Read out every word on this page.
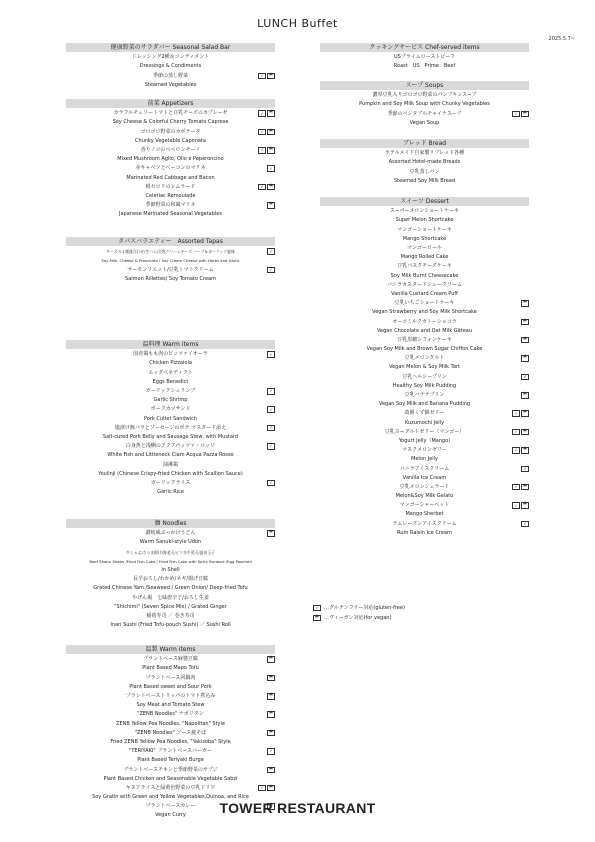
LUNCH Buffet
2025.5.7~
健康野菜のサラダバー Seasonal Salad Bar
ドレッシング2種＆コンディメント
Dressings & Condiments
季節の蒸し野菜
✓
☘
Steamed Vegetables
前菜 Appetizers
カラフルチェリートマトと豆乳チーズのカプレーゼ
✓
☘
Soy Cheese & Colorful Cherry Tomato Caprese
ゴロゴロ野菜のカポナータ
✓
☘
Chunky Vegetable Caponata
香りノコのペペロンチーノ
✓
☘
Mixed Mushroom Aglio, Olio e Peperoncino
赤キャベツとベーコンのマリネ
✓
Marinated Red Cabbage and Bacon
根セロリのレムラード
✓
☘
Celeriac Remoulade
季節野菜の和風マリネ
☘
Japanese Marinated Seasonal Vegetables
タパスバラエティー　Assorted Tapas
チーズの４種盛合わせ/生ハム/豆乳クリームチーズ ハーブ＆ガーリック風味
✓
Soy Milk, Cheese & Prosciutto / Soy Cream Cheese with Herbs and Garlic
サーモンリエット/豆乳トマトクリーム
✓
Salmon Rillettes/ Soy Tomato Cream
温料理 Warm items
国産鶏もも肉のピッツァイオーラ
✓
Chicken Pizzaiola
エッグベネディクト
Eggs Benedict
ガーリックシュリンプ
✓
Garlic Shrimp
ポークカツサンド
✓
Pork Cutlet Sandwich
塩漬け豚バラとソーセージのポテ マスタード添え
✓
Salt-cured Pork Belly and Sausage Stew, with Mustard
白身魚と浅蜊のアクアパッツァ・ロッソ
✓
White Fish and Littleneck Clam Acqua Pazza Rosso
油淋鶏
Youlinji (Chinese Crispy-fried Chicken with Scallion Sauce)
ガーリックライス
✓
Garlic Rice
麺 Noodles
讃岐風ぶっかけうどん
☘
Warm Sanuki-style Udon
牛しゃぶ/さつま揚げ/海老天/ピリ辛牛蒡天/温泉玉子
Beef Shabu Shabu /Fried Fish Cake / Fried Fish Cake with Spicy Burdock /Egg Poached
in Shell
長芋おろし/わかめ/ネギ/揚げ豆腐
Grated Chinese Yam /Seaweed / Green Onion/ Deep-fried Tofu
やげん堀　七味唐辛子/おろし生姜
"Shichimi" (Seven Spice Mix) / Grated Ginger
稲荷寿司 ／ 巻き寿司
Inari Sushi (Fried Tofu-pouch Sushi) ／ Sushi Roll
温製 Warm items
プラントベース麻婆豆腐
☘
Plant Based Mapo Tofu
プラントベース回鍋肉
☘
Plant Based sweet and Sour Pork
プラントベーストリッパのトマト煮込み
☘
Soy Meat and Tomato Stew
"ZENB Noodles" ナポリタン
☘
ZENB Yellow Pea Noodles, "Napolitan" Style
"ZENB Noodles" ソース焼そば
☘
Fried ZENB Yellow Pea Noodles, "Yakisoba" Style
"TERIYAKI" プラントベースバーガー
✓
Plant Based Teriyaki Burge
プラントベースチキンと季節野菜のサブジ
☘
Plant Based Chicken and Seasonable Vegetable Sabzi
キヌアライスと緑黄色野菜の豆乳ドリア
✓
☘
Soy Gratin with Green and Yellow Vegetables,Quinoa, and Rice
プラントベースカレー
☘
Vegan Curry
クッキングサービス Chef-served items
USプライムローストビーフ
Roast　US　Prime　Beef
スープ Soups
濃厚豆乳入りゴロゴロ野菜のパンプキンスープ
Pumpkin and Soy Milk Soup with Chunky Vegetables
季節のベジタブルチャイナスープ
✓
☘
Vegan Soup
ブレッド Bread
ホテルメイド自家製リブレッド各種
Assorted Hotel-made Breads
豆乳蒸しパン
Steamed Soy Milk Bread
スイーツ Dessert
スーパーメロンショートケーキ
Super Melon Shortcake
マンゴーショートケーキ
Mango Shortcake
マンゴーロール
Mango Rolled Cake
豆乳バスクチーズケーキ
Soy Milk Burnt Cheesecake
バニラカスタードシュークリーム
Vanilla Custard Cream Puff
豆乳いちごショートケーキ
☘
Vegan Strawberry and Soy Milk Shortcake
オーツミルクガトーショコラ
☘
Vegan Chocolate and Oat Milk Gâteau
豆乳黒糖シフォンケーキ
☘
Vegan Soy Milk and Brown Sugar Chiffon Cake
豆乳メロンタルト
☘
Vegan Melon & Soy Milk Tart
豆乳ヘルシープリン
✓
Healthy Soy Milk Pudding
豆乳バナナプリン
☘
Vegan Soy Milk and Banana Pudding
葛餅くず餅ゼリー
✓
☘
Kuzumochi Jelly
豆乳ヨーグルトゼリー（マンゴー）
✓
☘
Yogurt Jelly（Mango)
マスクメロンゼリー
✓
☘
Melon Jelly
バニラアイスクリーム
✓
Vanilla Ice Cream
豆乳メロンジェラート
✓
☘
Melon&Soy Milk Gelato
マンゴーシャーベット
✓
☘
Mango Sherbet
ラムレーズンアイスクリーム
✓
Rum Raisin Ice Cream
✓
…グルテンフリー対応(gluten-free)
☘
…ヴィーガン対応(for vegan)
TOWER RESTAURANT
